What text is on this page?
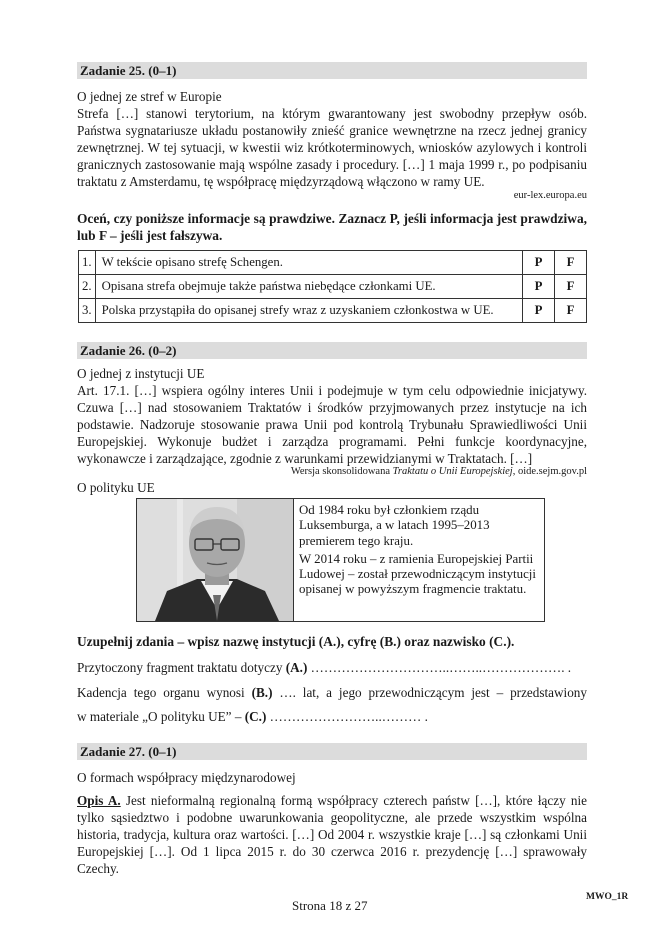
Zadanie 25. (0–1)
O jednej ze stref w Europie
Strefa […] stanowi terytorium, na którym gwarantowany jest swobodny przepływ osób. Państwa sygnatariusze układu postanowiły znieść granice wewnętrzne na rzecz jednej granicy zewnętrznej. W tej sytuacji, w kwestii wiz krótkoterminowych, wniosków azylowych i kontroli granicznych zastosowanie mają wspólne zasady i procedury. […] 1 maja 1999 r., po podpisaniu traktatu z Amsterdamu, tę współpracę międzyrządową włączono w ramy UE.
eur-lex.europa.eu
Oceń, czy poniższe informacje są prawdziwe. Zaznacz P, jeśli informacja jest prawdziwa, lub F – jeśli jest fałszywa.
1.	W tekście opisano strefę Schengen.	P	F
2.	Opisana strefa obejmuje także państwa niebędące członkami UE.	P	F
3.	Polska przystąpiła do opisanej strefy wraz z uzyskaniem członkostwa w UE.	P	F
Zadanie 26. (0–2)
O jednej z instytucji UE
Art. 17.1. […] wspiera ogólny interes Unii i podejmuje w tym celu odpowiednie inicjatywy. Czuwa […] nad stosowaniem Traktatów i środków przyjmowanych przez instytucje na ich podstawie. Nadzoruje stosowanie prawa Unii pod kontrolą Trybunału Sprawiedliwości Unii Europejskiej. Wykonuje budżet i zarządza programami. Pełni funkcje koordynacyjne, wykonawcze i zarządzające, zgodnie z warunkami przewidzianymi w Traktatach. […]
Wersja skonsolidowana Traktatu o Unii Europejskiej, oide.sejm.gov.pl
O polityku UE

Od 1984 roku był członkiem rządu Luksemburga, a w latach 1995–2013 premierem tego kraju.

W 2014 roku – z ramienia Europejskiej Partii Ludowej – został przewodniczącym instytucji opisanej w powyższym fragmencie traktatu.

Uzupełnij zdania – wpisz nazwę instytucji (A.), cyfrę (B.) oraz nazwisko (C.).
Przytoczony fragment traktatu dotyczy (A.) …………………………..……..………………. .
Kadencja tego organu wynosi (B.) …. lat, a jego przewodniczącym jest – przedstawiony
w materiale „O polityku UE” – (C.) ……………………..……… .
Zadanie 27. (0–1)
O formach współpracy międzynarodowej
Opis A. Jest nieformalną regionalną formą współpracy czterech państw […], które łączy nie tylko sąsiedztwo i podobne uwarunkowania geopolityczne, ale przede wszystkim wspólna historia, tradycja, kultura oraz wartości. […] Od 2004 r. wszystkie kraje […] są członkami Unii Europejskiej […]. Od 1 lipca 2015 r. do 30 czerwca 2016 r. prezydencję […] sprawowały Czechy.
Strona 18 z 27
MWO_1R
